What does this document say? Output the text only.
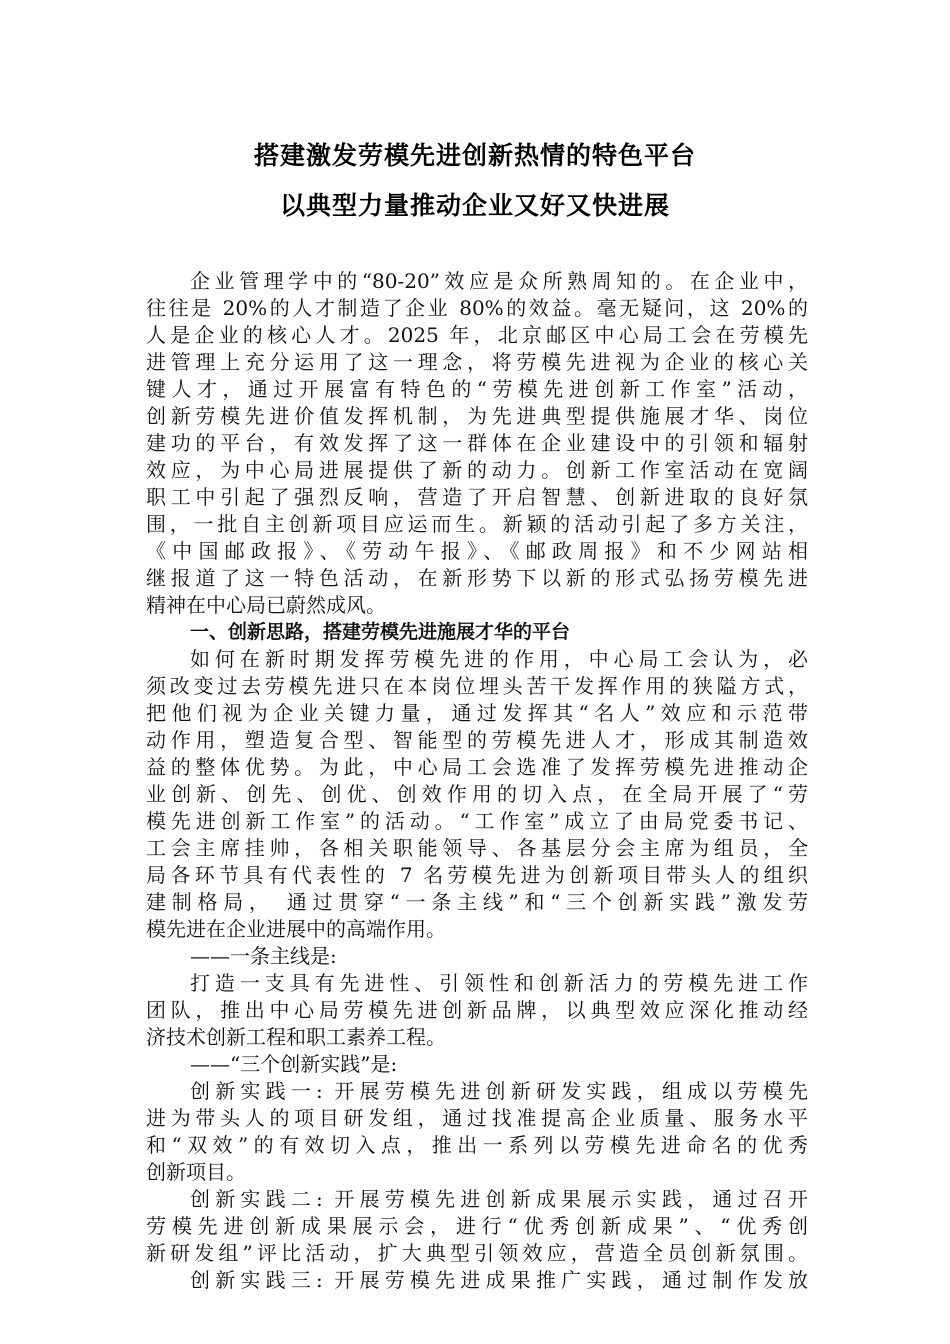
搭建激发劳模先进创新热情的特色平台
以典型力量推动企业又好又快进展
企业管理学中的“80-20”效应是众所熟周知的。在企业中，
往往是 20%的人才制造了企业 80%的效益。毫无疑问，这 20%的
人是企业的核心人才。2025 年，北京邮区中心局工会在劳模先
进管理上充分运用了这一理念，将劳模先进视为企业的核心关
键人才，通过开展富有特色的“劳模先进创新工作室”活动，
创新劳模先进价值发挥机制，为先进典型提供施展才华、岗位
建功的平台，有效发挥了这一群体在企业建设中的引领和辐射
效应，为中心局进展提供了新的动力。创新工作室活动在宽阔
职工中引起了强烈反响，营造了开启智慧、创新进取的良好氛
围，一批自主创新项目应运而生。新颖的活动引起了多方关注，
《中国邮政报》、《劳动午报》、《邮政周报》和不少网站相
继报道了这一特色活动，在新形势下以新的形式弘扬劳模先进
精神在中心局已蔚然成风。
一、创新思路，搭建劳模先进施展才华的平台
如何在新时期发挥劳模先进的作用，中心局工会认为，必
须改变过去劳模先进只在本岗位埋头苦干发挥作用的狭隘方式，
把他们视为企业关键力量，通过发挥其“名人”效应和示范带
动作用，塑造复合型、智能型的劳模先进人才，形成其制造效
益的整体优势。为此，中心局工会选准了发挥劳模先进推动企
业创新、创先、创优、创效作用的切入点，在全局开展了“劳
模先进创新工作室”的活动。“工作室”成立了由局党委书记、
工会主席挂帅，各相关职能领导、各基层分会主席为组员，全
局各环节具有代表性的 7 名劳模先进为创新项目带头人的组织
建制格局， 通过贯穿“一条主线”和“三个创新实践”激发劳
模先进在企业进展中的高端作用。
——一条主线是:
打造一支具有先进性、引领性和创新活力的劳模先进工作
团队，推出中心局劳模先进创新品牌，以典型效应深化推动经
济技术创新工程和职工素养工程。
——“三个创新实践”是:
创新实践一: 开展劳模先进创新研发实践，组成以劳模先
进为带头人的项目研发组，通过找准提高企业质量、服务水平
和“双效”的有效切入点，推出一系列以劳模先进命名的优秀
创新项目。
创新实践二: 开展劳模先进创新成果展示实践，通过召开
劳模先进创新成果展示会，进行“优秀创新成果”、“优秀创
新研发组”评比活动，扩大典型引领效应，营造全员创新氛围。
创新实践三: 开展劳模先进成果推广实践，通过制作发放
